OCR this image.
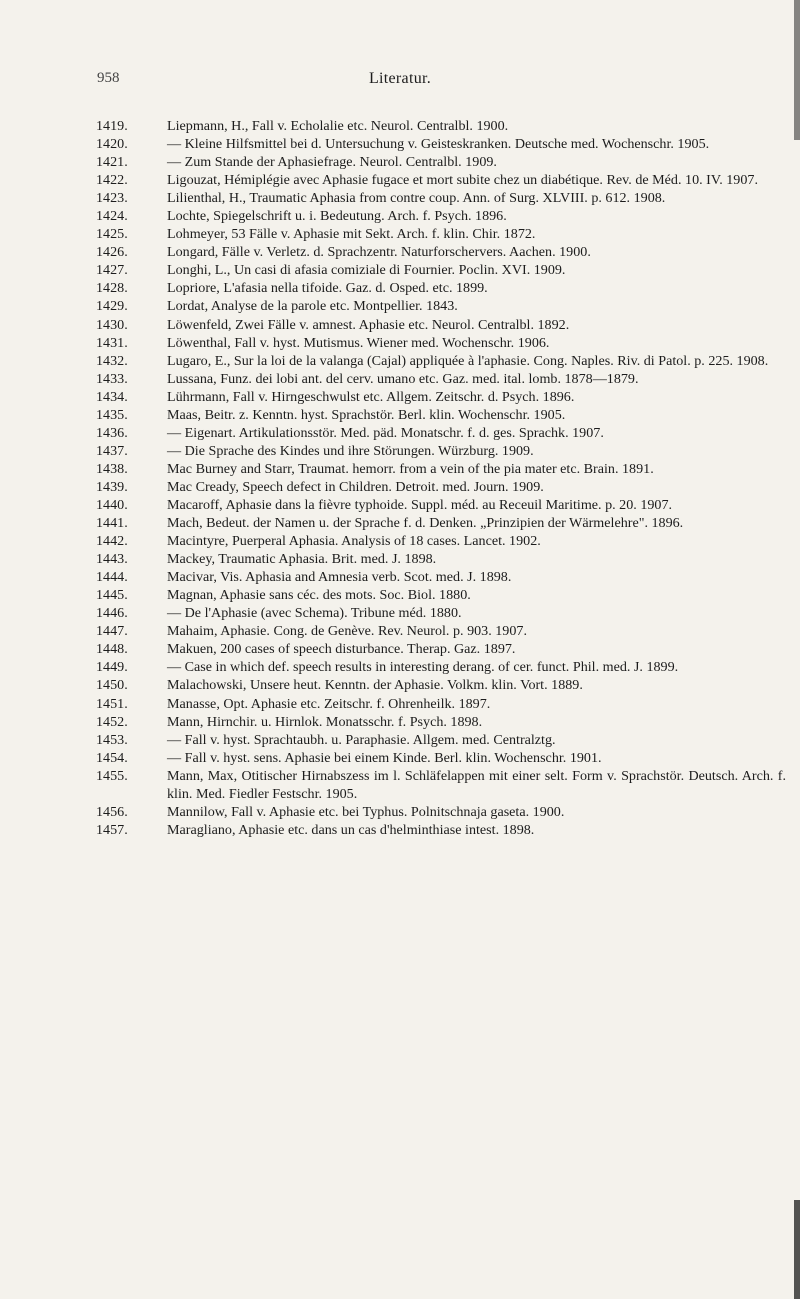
958	Literatur.
1419.	Liepmann, H., Fall v. Echolalie etc. Neurol. Centralbl. 1900.
1420.	— Kleine Hilfsmittel bei d. Untersuchung v. Geisteskranken. Deutsche med. Wochenschr. 1905.
1421.	— Zum Stande der Aphasiefrage. Neurol. Centralbl. 1909.
1422.	Ligouzat, Hémiplégie avec Aphasie fugace et mort subite chez un diabétique. Rev. de Méd. 10. IV. 1907.
1423.	Lilienthal, H., Traumatic Aphasia from contre coup. Ann. of Surg. XLVIII. p. 612. 1908.
1424.	Lochte, Spiegelschrift u. i. Bedeutung. Arch. f. Psych. 1896.
1425.	Lohmeyer, 53 Fälle v. Aphasie mit Sekt. Arch. f. klin. Chir. 1872.
1426.	Longard, Fälle v. Verletz. d. Sprachzentr. Naturforschervers. Aachen. 1900.
1427.	Longhi, L., Un casi di afasia comiziale di Fournier. Poclin. XVI. 1909.
1428.	Lopriore, L'afasia nella tifoide. Gaz. d. Osped. etc. 1899.
1429.	Lordat, Analyse de la parole etc. Montpellier. 1843.
1430.	Löwenfeld, Zwei Fälle v. amnest. Aphasie etc. Neurol. Centralbl. 1892.
1431.	Löwenthal, Fall v. hyst. Mutismus. Wiener med. Wochenschr. 1906.
1432.	Lugaro, E., Sur la loi de la valanga (Cajal) appliquée à l'aphasie. Cong. Naples. Riv. di Patol. p. 225. 1908.
1433.	Lussana, Funz. dei lobi ant. del cerv. umano etc. Gaz. med. ital. lomb. 1878—1879.
1434.	Lührmann, Fall v. Hirngeschwulst etc. Allgem. Zeitschr. d. Psych. 1896.
1435.	Maas, Beitr. z. Kenntn. hyst. Sprachstör. Berl. klin. Wochenschr. 1905.
1436.	— Eigenart. Artikulationsstör. Med. päd. Monatschr. f. d. ges. Sprachk. 1907.
1437.	— Die Sprache des Kindes und ihre Störungen. Würzburg. 1909.
1438.	Mac Burney and Starr, Traumat. hemorr. from a vein of the pia mater etc. Brain. 1891.
1439.	Mac Cready, Speech defect in Children. Detroit. med. Journ. 1909.
1440.	Macaroff, Aphasie dans la fièvre typhoide. Suppl. méd. au Receuil Maritime. p. 20. 1907.
1441.	Mach, Bedeut. der Namen u. der Sprache f. d. Denken. „Prinzipien der Wärmelehre". 1896.
1442.	Macintyre, Puerperal Aphasia. Analysis of 18 cases. Lancet. 1902.
1443.	Mackey, Traumatic Aphasia. Brit. med. J. 1898.
1444.	Macivar, Vis. Aphasia and Amnesia verb. Scot. med. J. 1898.
1445.	Magnan, Aphasie sans céc. des mots. Soc. Biol. 1880.
1446.	— De l'Aphasie (avec Schema). Tribune méd. 1880.
1447.	Mahaim, Aphasie. Cong. de Genève. Rev. Neurol. p. 903. 1907.
1448.	Makuen, 200 cases of speech disturbance. Therap. Gaz. 1897.
1449.	— Case in which def. speech results in interesting derang. of cer. funct. Phil. med. J. 1899.
1450.	Malachowski, Unsere heut. Kenntn. der Aphasie. Volkm. klin. Vort. 1889.
1451.	Manasse, Opt. Aphasie etc. Zeitschr. f. Ohrenheilk. 1897.
1452.	Mann, Hirnchir. u. Hirnlok. Monatsschr. f. Psych. 1898.
1453.	— Fall v. hyst. Sprachtaubh. u. Paraphasie. Allgem. med. Centralztg.
1454.	— Fall v. hyst. sens. Aphasie bei einem Kinde. Berl. klin. Wochenschr. 1901.
1455.	Mann, Max, Otitischer Hirnabszess im l. Schläfelappen mit einer selt. Form v. Sprachstör. Deutsch. Arch. f. klin. Med. Fiedler Festschr. 1905.
1456.	Mannilow, Fall v. Aphasie etc. bei Typhus. Polnitschnaja gaseta. 1900.
1457.	Maragliano, Aphasie etc. dans un cas d'helminthiase intest. 1898.
